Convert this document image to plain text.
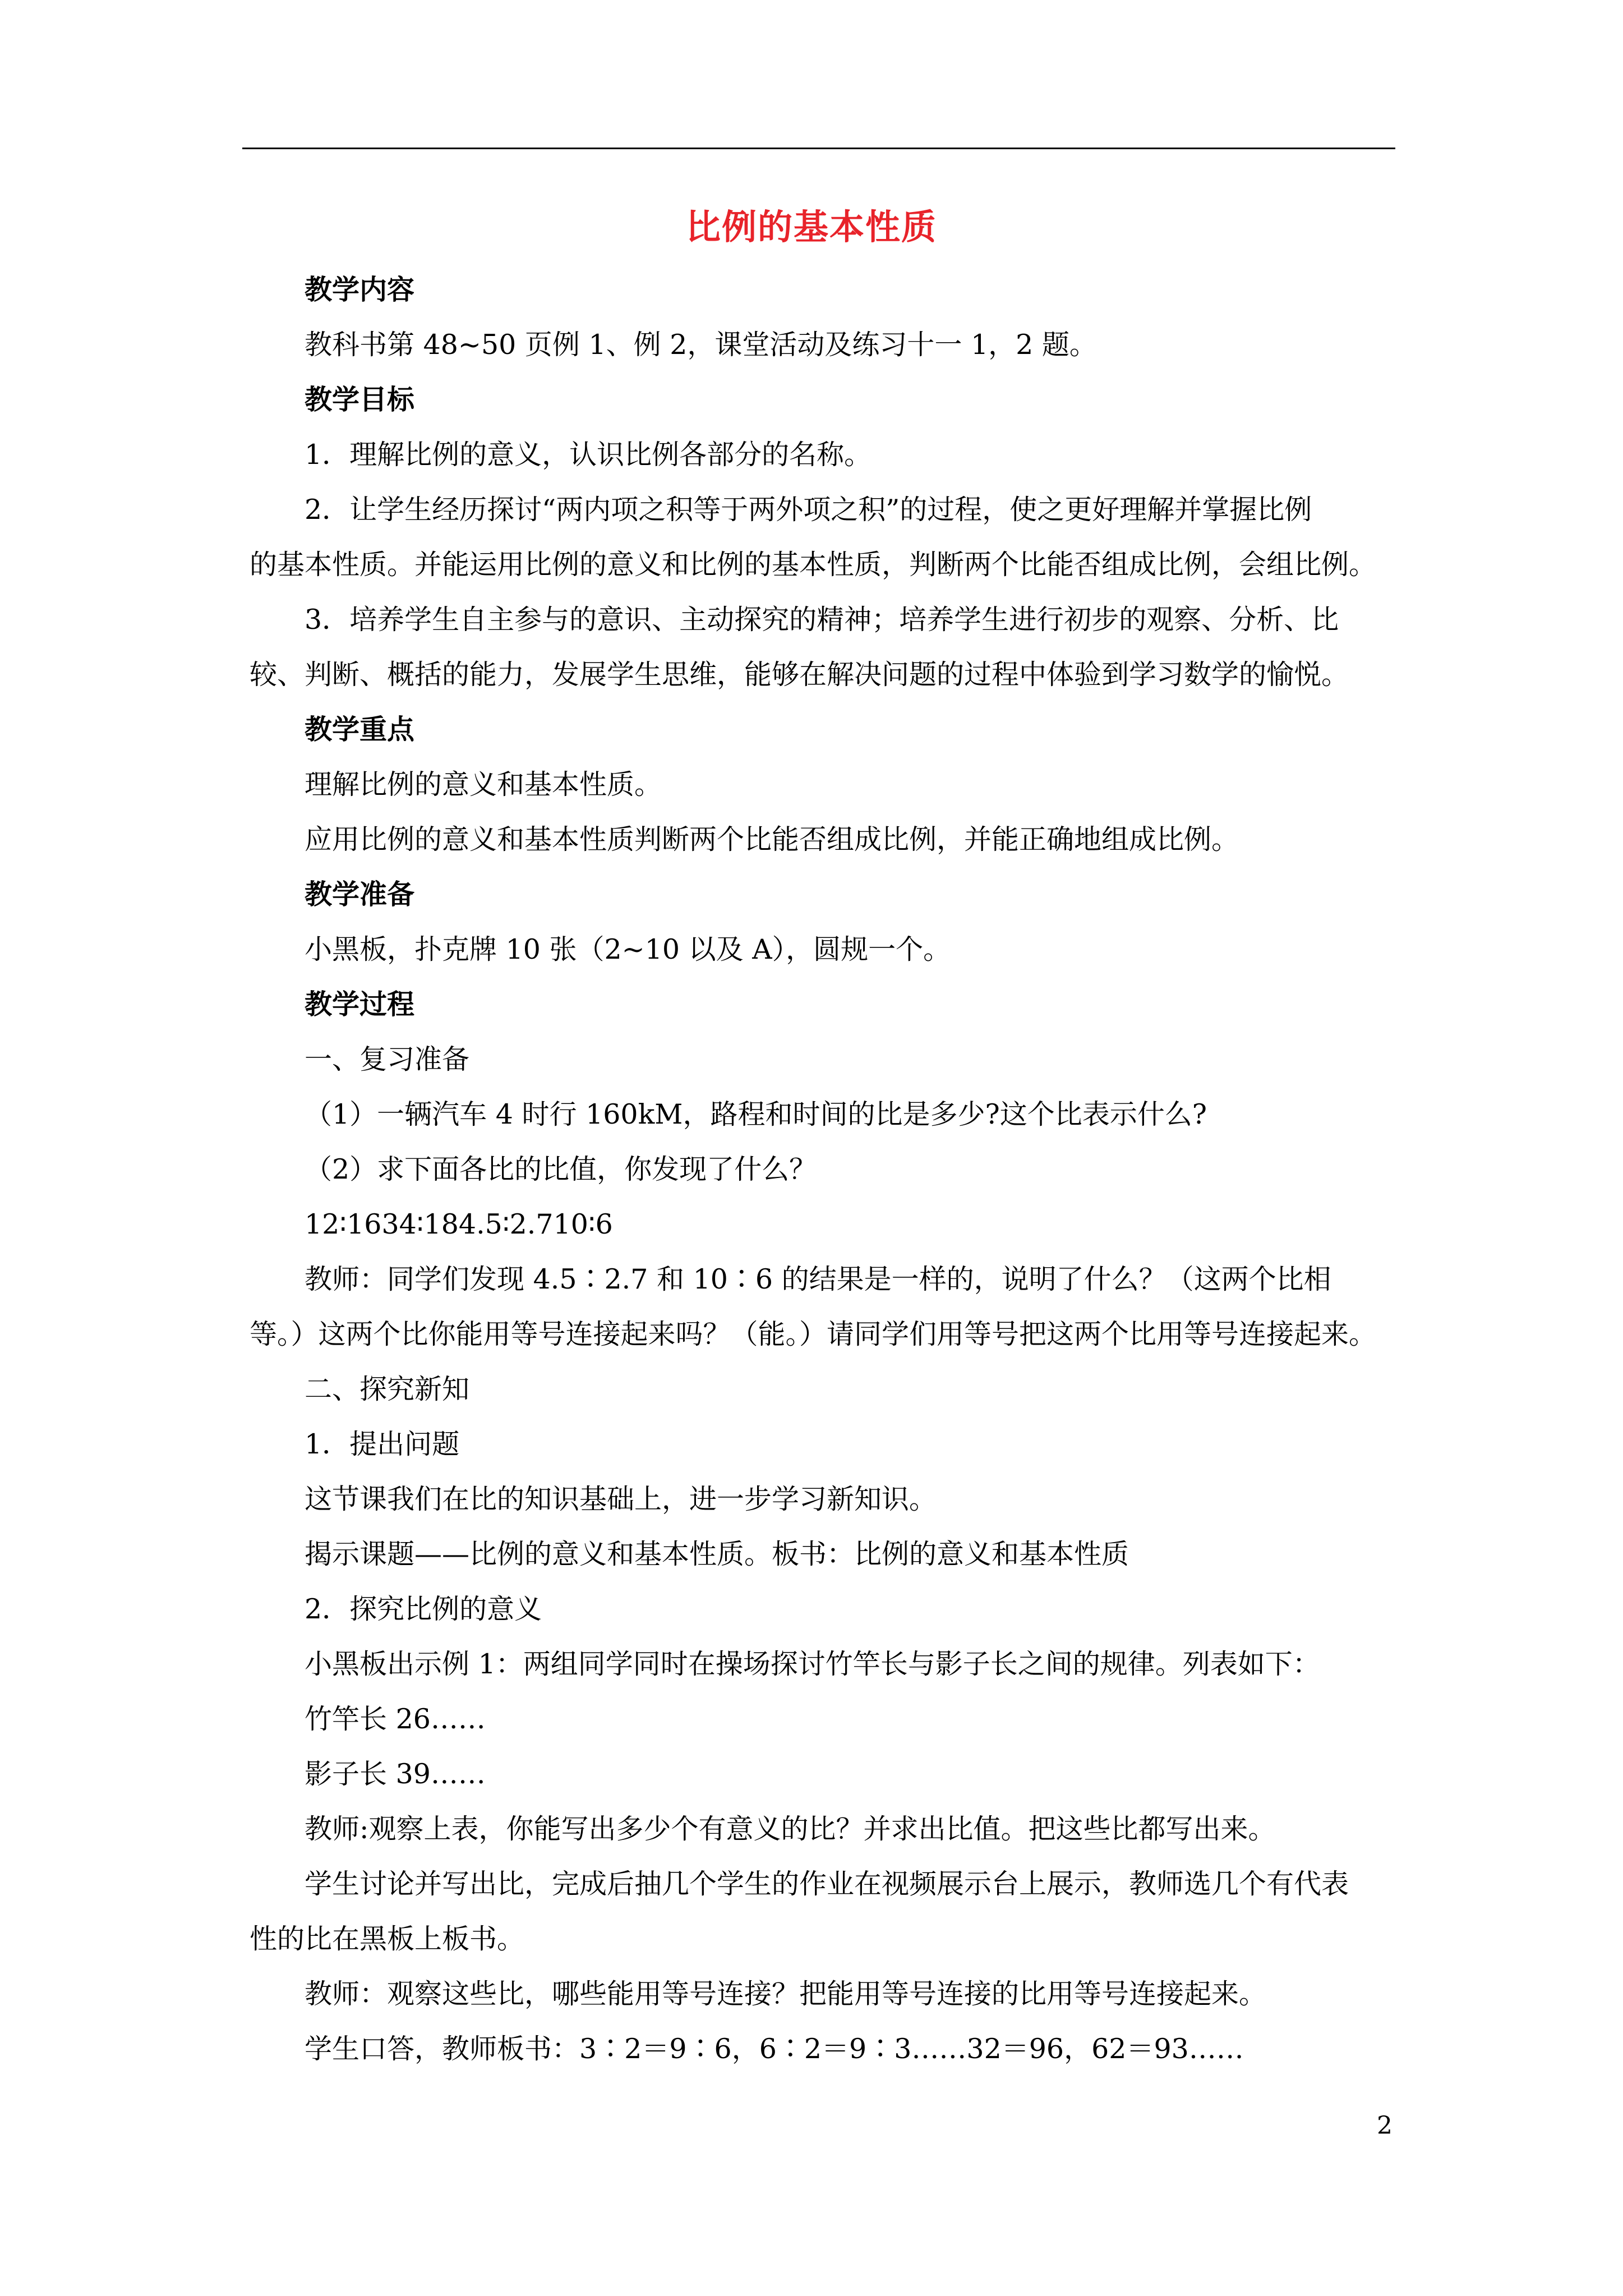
比例的基本性质
教学内容
教科书第 48~50 页例 1、例 2，课堂活动及练习十一 1，2 题。
教学目标
1．理解比例的意义，认识比例各部分的名称。
2．让学生经历探讨“两内项之积等于两外项之积”的过程，使之更好理解并掌握比例
的基本性质。并能运用比例的意义和比例的基本性质，判断两个比能否组成比例，会组比例。
3．培养学生自主参与的意识、主动探究的精神；培养学生进行初步的观察、分析、比
较、判断、概括的能力，发展学生思维，能够在解决问题的过程中体验到学习数学的愉悦。
教学重点
理解比例的意义和基本性质。
应用比例的意义和基本性质判断两个比能否组成比例，并能正确地组成比例。
教学准备
小黑板，扑克牌 10 张（2~10 以及 A），圆规一个。
教学过程
一、复习准备
（1）一辆汽车 4 时行 160kM，路程和时间的比是多少?这个比表示什么?
（2）求下面各比的比值，你发现了什么？
12∶1634∶184.5∶2.710∶6
教师：同学们发现 4.5∶2.7 和 10∶6 的结果是一样的，说明了什么？（这两个比相
等。）这两个比你能用等号连接起来吗？（能。）请同学们用等号把这两个比用等号连接起来。
二、探究新知
1．提出问题
这节课我们在比的知识基础上，进一步学习新知识。
揭示课题——比例的意义和基本性质。板书：比例的意义和基本性质
2．探究比例的意义
小黑板出示例 1：两组同学同时在操场探讨竹竿长与影子长之间的规律。列表如下：
竹竿长 26……
影子长 39……
教师:观察上表，你能写出多少个有意义的比？并求出比值。把这些比都写出来。
学生讨论并写出比，完成后抽几个学生的作业在视频展示台上展示，教师选几个有代表
性的比在黑板上板书。
教师：观察这些比，哪些能用等号连接？把能用等号连接的比用等号连接起来。
学生口答，教师板书：3∶2＝9∶6，6∶2＝9∶3……32＝96，62＝93……
2
